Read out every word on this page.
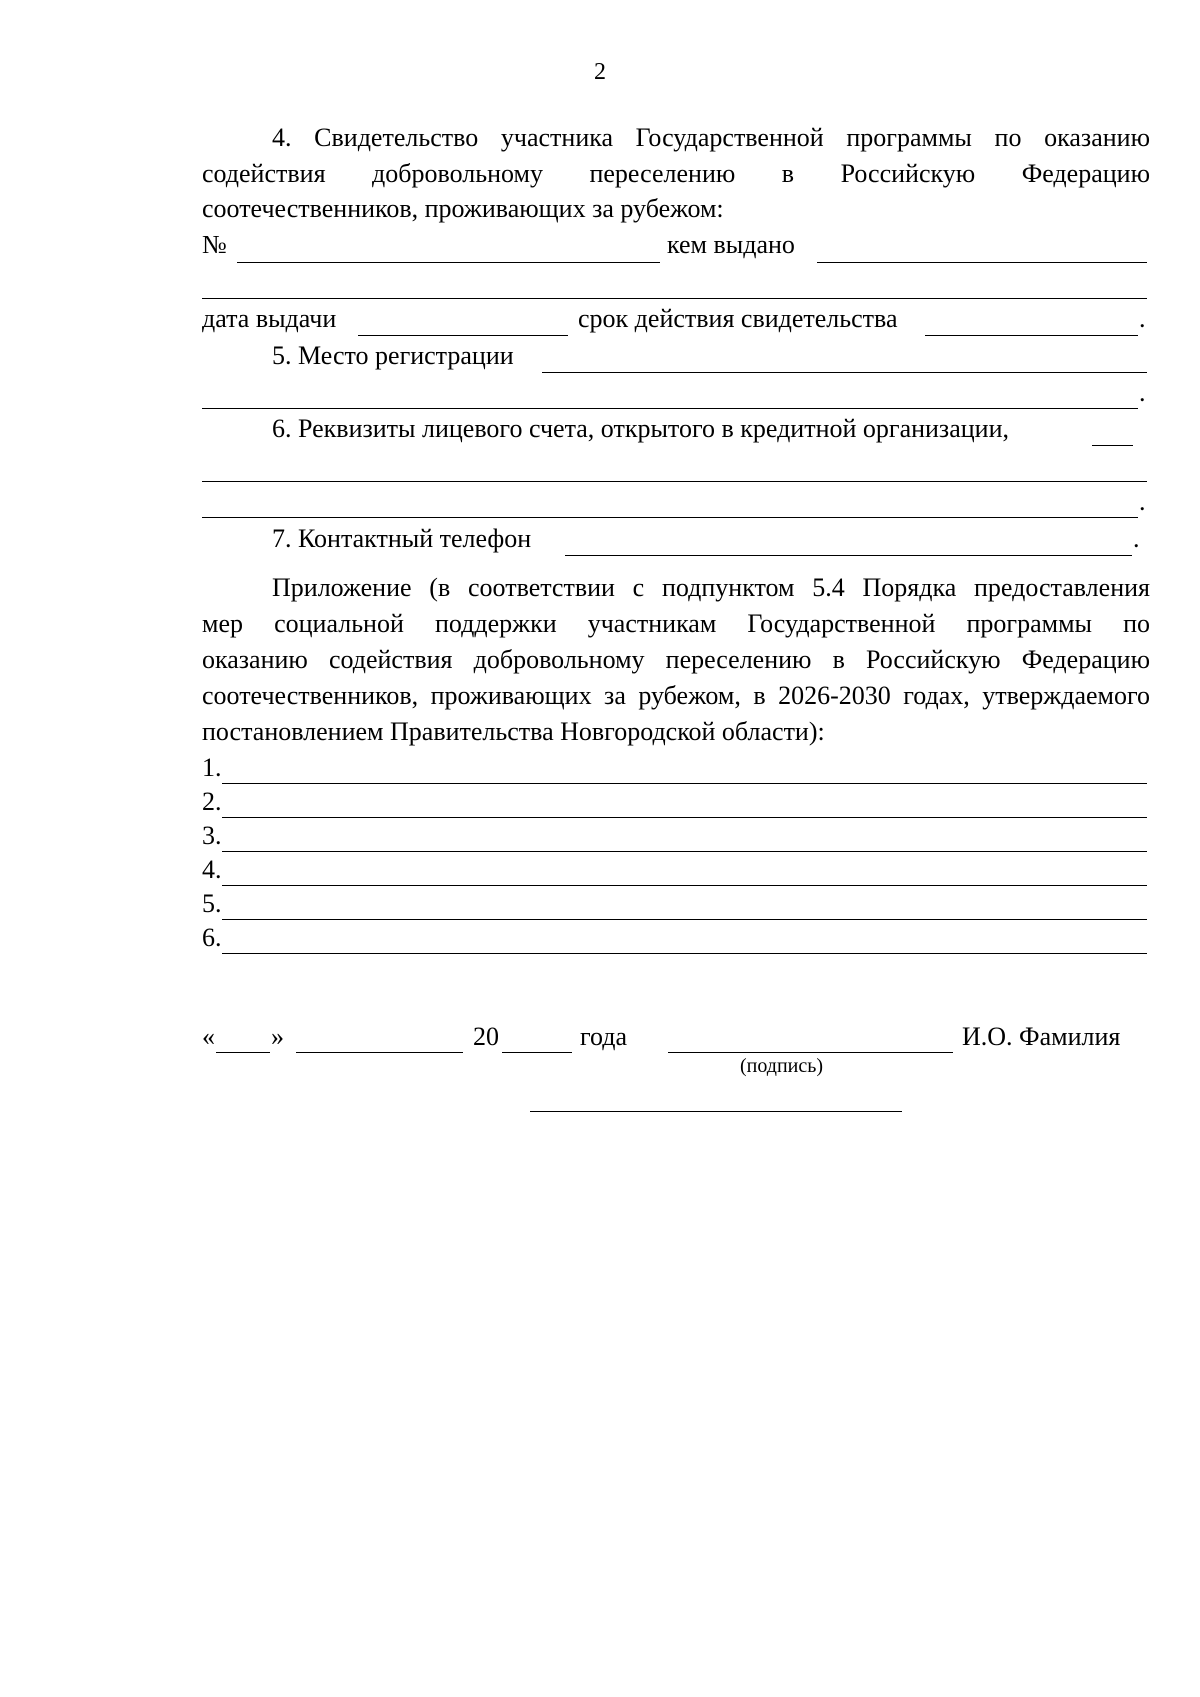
2
4. Свидетельство участника Государственной программы по оказанию
содействия добровольному переселению в Российскую Федерацию
соотечественников, проживающих за рубежом:
№	кем выдано
дата выдачи	срок действия свидетельства	.
5. Место регистрации
.
6. Реквизиты лицевого счета, открытого в кредитной организации,
.
7. Контактный телефон	.
Приложение (в соответствии с подпунктом 5.4 Порядка предоставления
мер социальной поддержки участникам Государственной программы по
оказанию содействия добровольному переселению в Российскую Федерацию
соотечественников, проживающих за рубежом, в 2026-2030 годах, утверждаемого
постановлением Правительства Новгородской области):
1.
2.
3.
4.
5.
6.
« »	20	года	И.О. Фамилия
(подпись)
